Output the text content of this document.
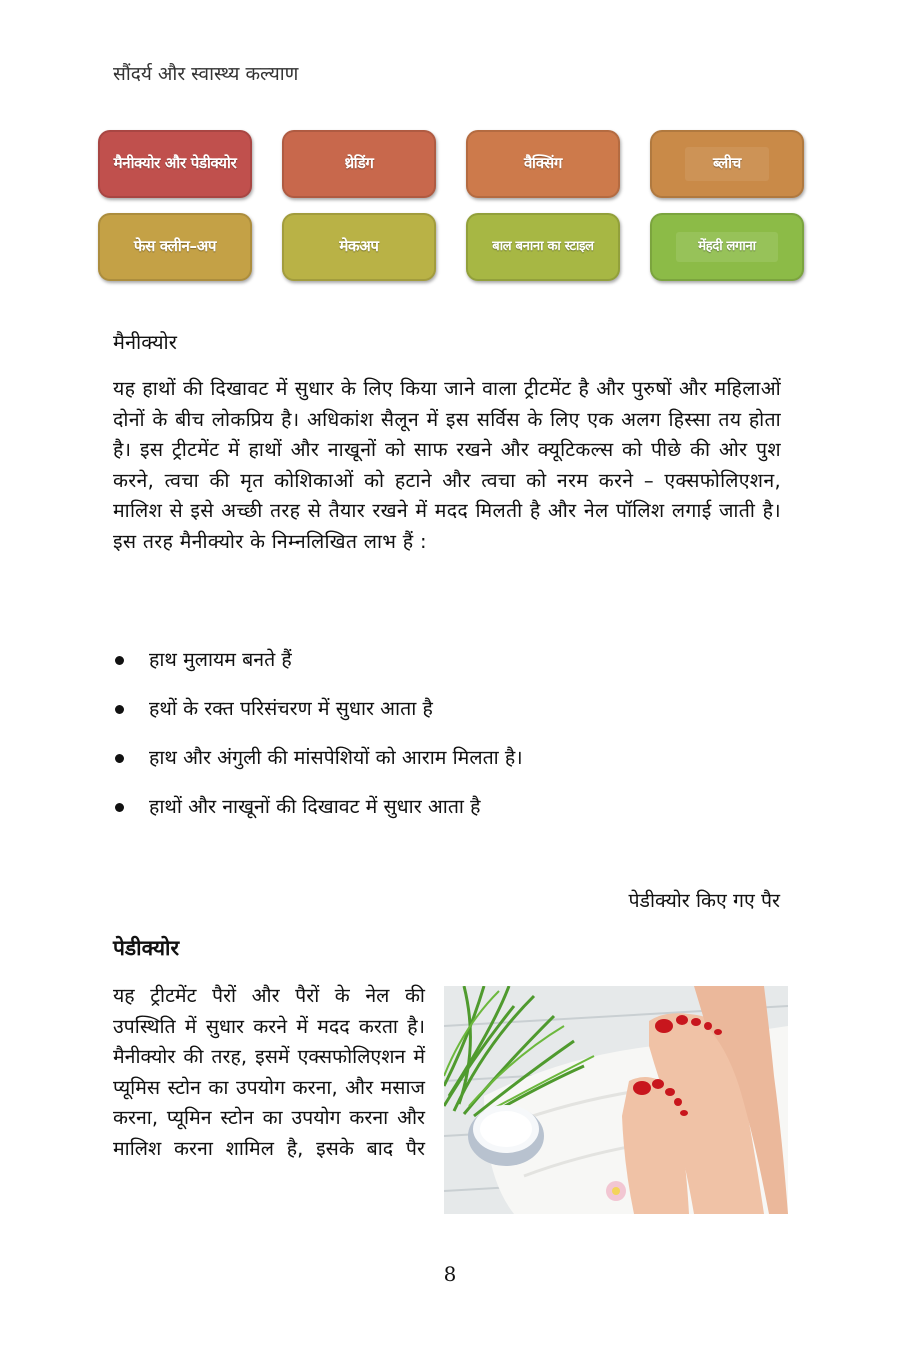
सौंदर्य और स्वास्थ्य कल्याण
मैनीक्योर और पेडीक्योर	थ्रेडिंग	वैक्सिंग	ब्लीच
फेस क्लीन–अप	मेकअप	बाल बनाना का स्टाइल	मेंहदी लगाना
मैनीक्योर
यह हाथों की दिखावट में सुधार के लिए किया जाने वाला ट्रीटमेंट है और पुरुषों और महिलाओं दोनों के बीच लोकप्रिय है। अधिकांश सैलून में इस सर्विस के लिए एक अलग हिस्सा तय होता है। इस ट्रीटमेंट में हाथों और नाखूनों को साफ रखने और क्यूटिकल्स को पीछे की ओर पुश करने, त्वचा की मृत कोशिकाओं को हटाने और त्वचा को नरम करने – एक्सफोलिएशन, मालिश से इसे अच्छी तरह से तैयार रखने में मदद मिलती है और नेल पॉलिश लगाई जाती है। इस तरह मैनीक्योर के निम्नलिखित लाभ हैं :
हाथ मुलायम बनते हैं
हथों के रक्त परिसंचरण में सुधार आता है
हाथ और अंगुली की मांसपेशियों को आराम मिलता है।
हाथों और नाखूनों की दिखावट में सुधार आता है
पेडीक्योर किए गए पैर
पेडीक्योर
यह ट्रीटमेंट पैरों और पैरों के नेल की उपस्थिति में सुधार करने में मदद करता है। मैनीक्योर की तरह, इसमें एक्सफोलिएशन में प्यूमिस स्टोन का उपयोग करना, और मसाज करना, प्यूमिन स्टोन का उपयोग करना और मालिश करना शामिल है, इसके बाद पैर
8
